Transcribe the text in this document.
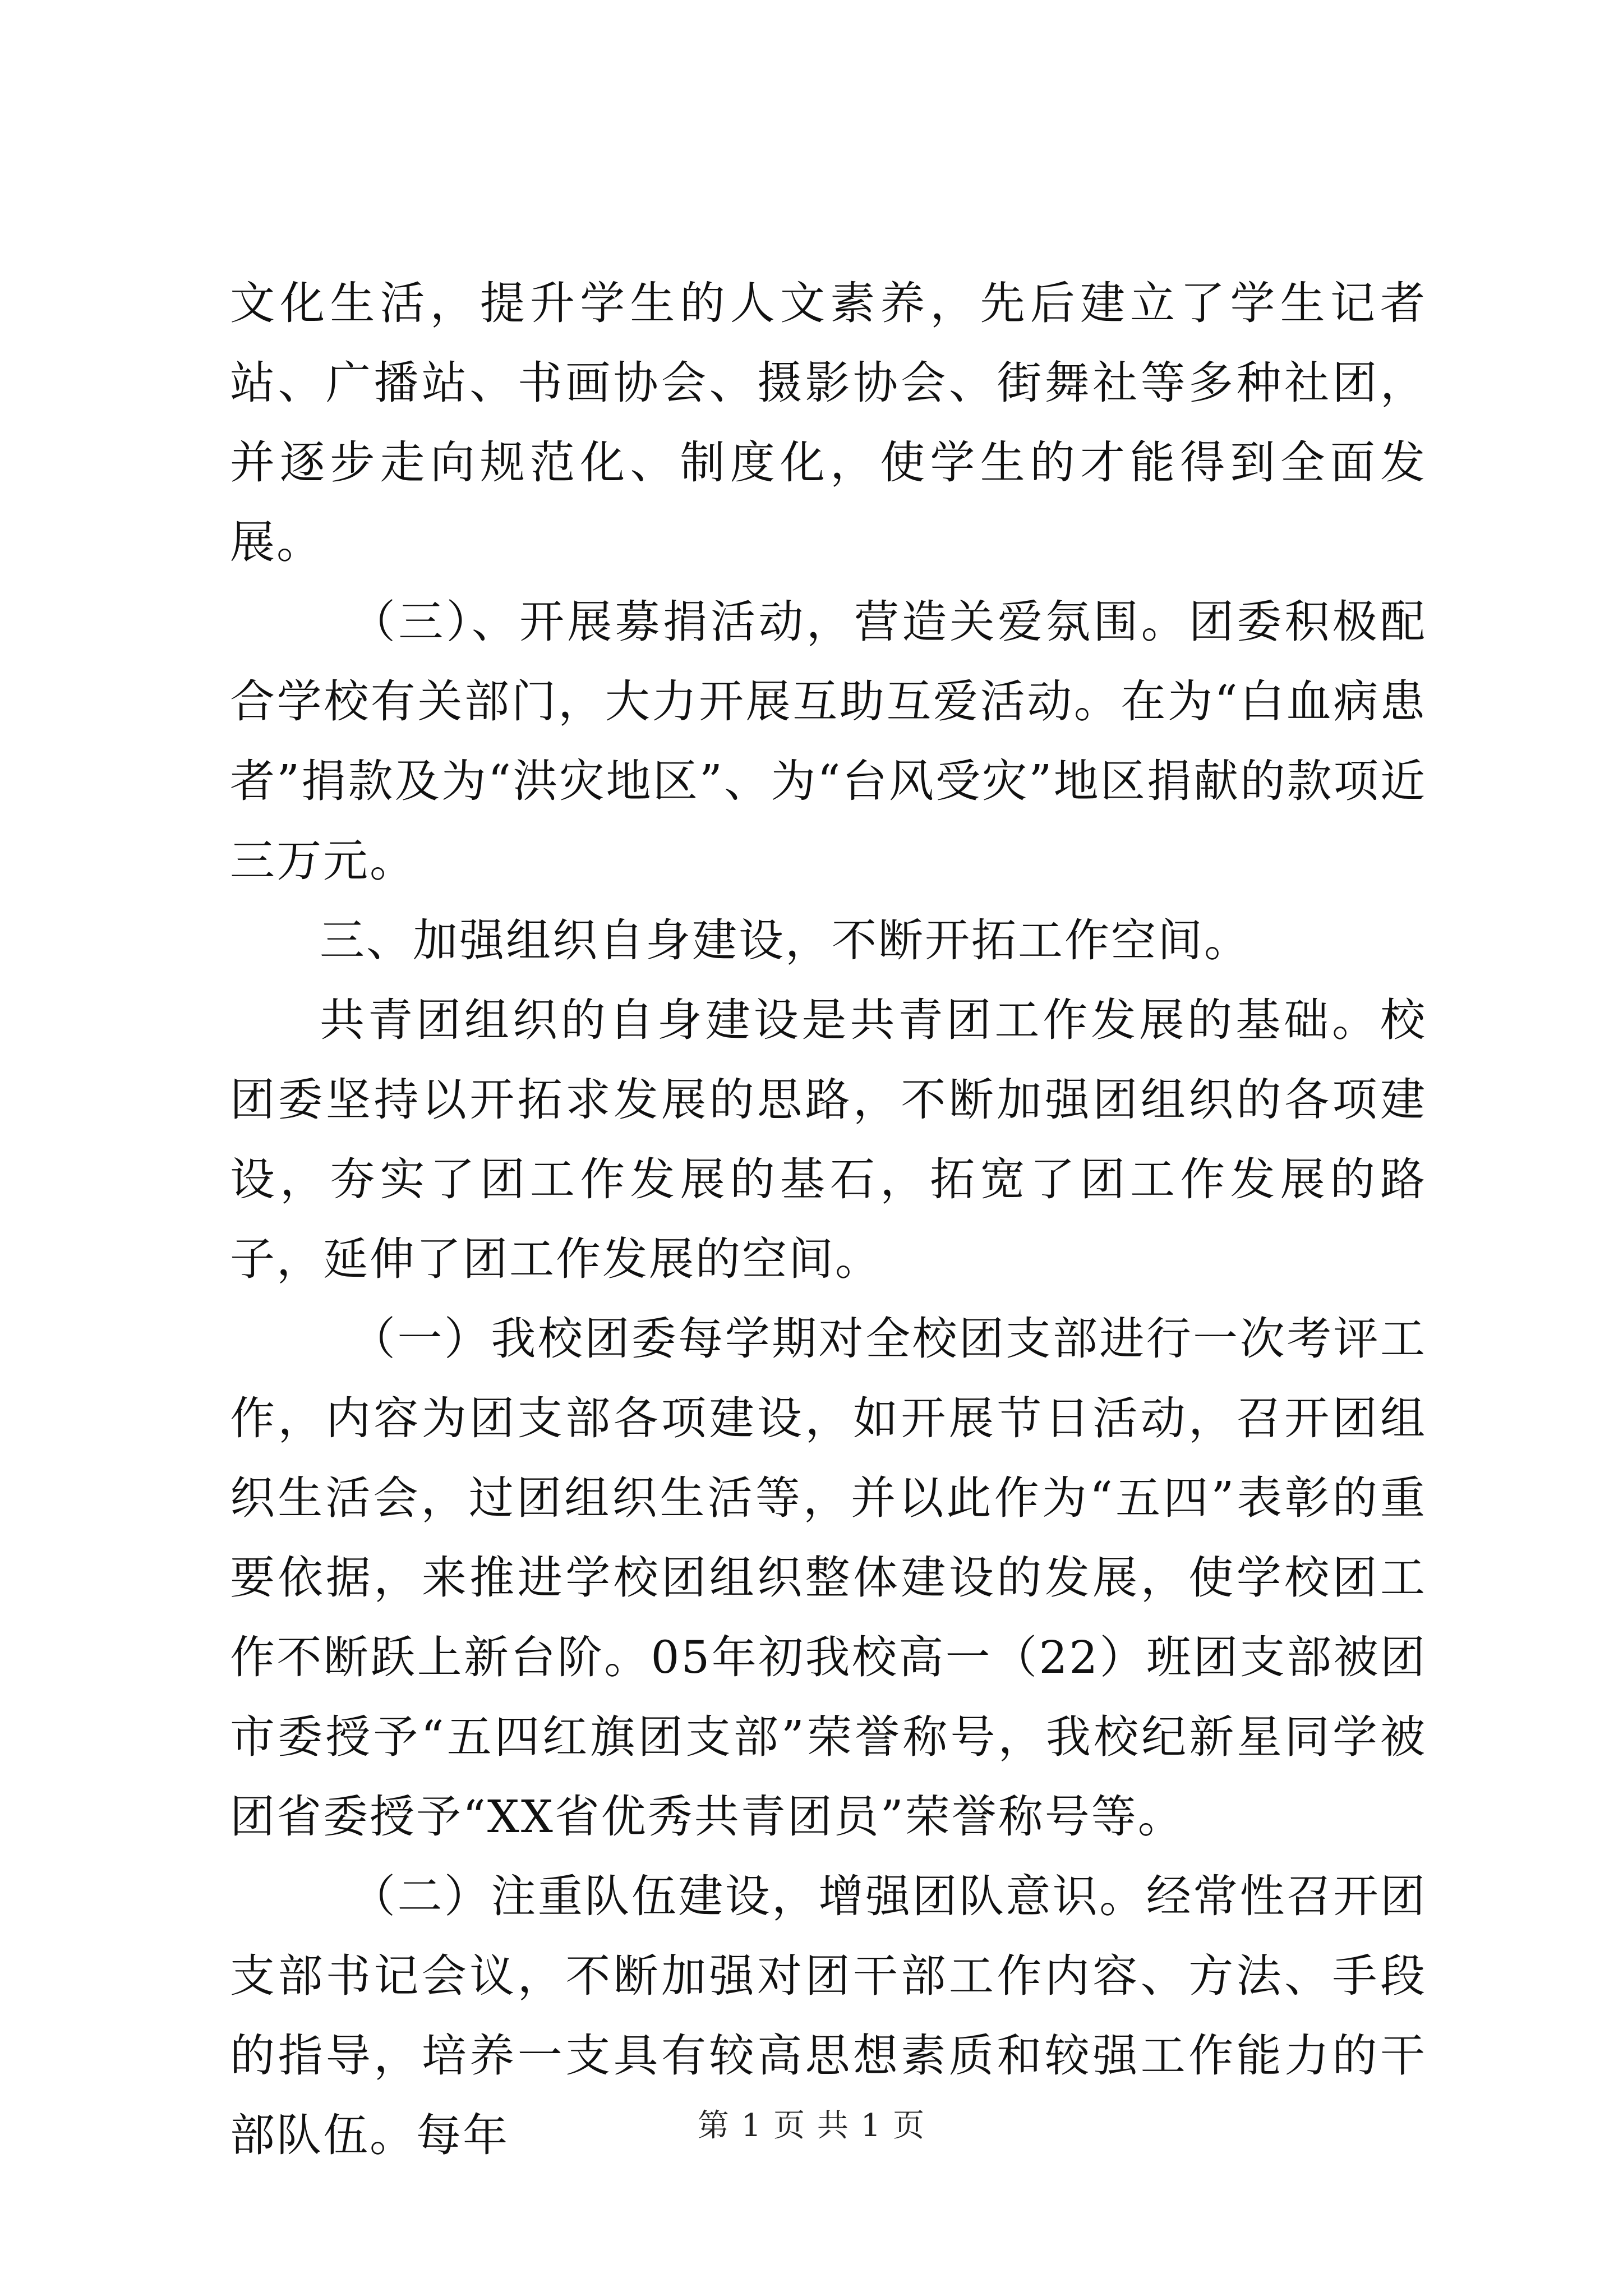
文化生活，提升学生的人文素养，先后建立了学生记者站、广播站、书画协会、摄影协会、街舞社等多种社团，并逐步走向规范化、制度化，使学生的才能得到全面发展。

（三）、开展募捐活动，营造关爱氛围。团委积极配合学校有关部门，大力开展互助互爱活动。在为“白血病患者”捐款及为“洪灾地区”、为“台风受灾”地区捐献的款项近三万元。

三、加强组织自身建设，不断开拓工作空间。

共青团组织的自身建设是共青团工作发展的基础。校团委坚持以开拓求发展的思路，不断加强团组织的各项建设，夯实了团工作发展的基石，拓宽了团工作发展的路子，延伸了团工作发展的空间。

（一）我校团委每学期对全校团支部进行一次考评工作，内容为团支部各项建设，如开展节日活动，召开团组织生活会，过团组织生活等，并以此作为“五四”表彰的重要依据，来推进学校团组织整体建设的发展，使学校团工作不断跃上新台阶。05年初我校高一（22）班团支部被团市委授予“五四红旗团支部”荣誉称号，我校纪新星同学被团省委授予“XX省优秀共青团员”荣誉称号等。

（二）注重队伍建设，增强团队意识。经常性召开团支部书记会议，不断加强对团干部工作内容、方法、手段的指导，培养一支具有较高思想素质和较强工作能力的干部队伍。每年	第 1 页 共 1 页
